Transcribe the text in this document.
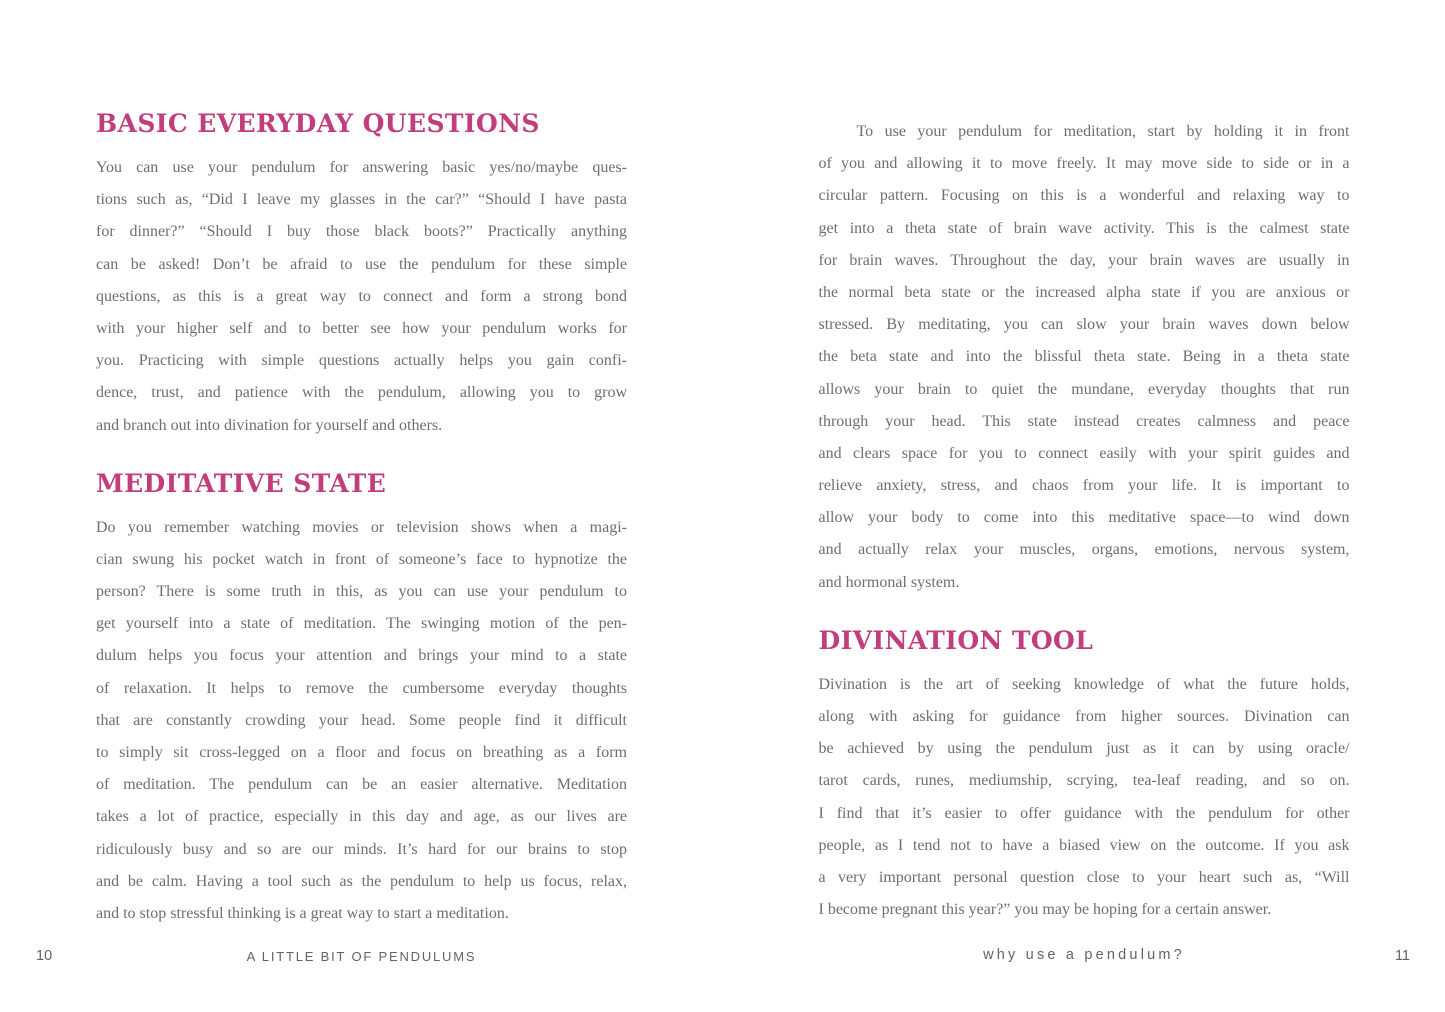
BASIC EVERYDAY QUESTIONS
You can use your pendulum for answering basic yes/no/maybe ques-
tions such as, “Did I leave my glasses in the car?” “Should I have pasta
for dinner?” “Should I buy those black boots?” Practically anything
can be asked! Don’t be afraid to use the pendulum for these simple
questions, as this is a great way to connect and form a strong bond
with your higher self and to better see how your pendulum works for
you. Practicing with simple questions actually helps you gain confi-
dence, trust, and patience with the pendulum, allowing you to grow
and branch out into divination for yourself and others.
MEDITATIVE STATE
Do you remember watching movies or television shows when a magi-
cian swung his pocket watch in front of someone’s face to hypnotize the
person? There is some truth in this, as you can use your pendulum to
get yourself into a state of meditation. The swinging motion of the pen-
dulum helps you focus your attention and brings your mind to a state
of relaxation. It helps to remove the cumbersome everyday thoughts
that are constantly crowding your head. Some people find it difficult
to simply sit cross-legged on a floor and focus on breathing as a form
of meditation. The pendulum can be an easier alternative. Meditation
takes a lot of practice, especially in this day and age, as our lives are
ridiculously busy and so are our minds. It’s hard for our brains to stop
and be calm. Having a tool such as the pendulum to help us focus, relax,
and to stop stressful thinking is a great way to start a meditation.
10	A LITTLE BIT OF PENDULUMS
To use your pendulum for meditation, start by holding it in front
of you and allowing it to move freely. It may move side to side or in a
circular pattern. Focusing on this is a wonderful and relaxing way to
get into a theta state of brain wave activity. This is the calmest state
for brain waves. Throughout the day, your brain waves are usually in
the normal beta state or the increased alpha state if you are anxious or
stressed. By meditating, you can slow your brain waves down below
the beta state and into the blissful theta state. Being in a theta state
allows your brain to quiet the mundane, everyday thoughts that run
through your head. This state instead creates calmness and peace
and clears space for you to connect easily with your spirit guides and
relieve anxiety, stress, and chaos from your life. It is important to
allow your body to come into this meditative space—to wind down
and actually relax your muscles, organs, emotions, nervous system,
and hormonal system.
DIVINATION TOOL
Divination is the art of seeking knowledge of what the future holds,
along with asking for guidance from higher sources. Divination can
be achieved by using the pendulum just as it can by using oracle/
tarot cards, runes, mediumship, scrying, tea-leaf reading, and so on.
I find that it’s easier to offer guidance with the pendulum for other
people, as I tend not to have a biased view on the outcome. If you ask
a very important personal question close to your heart such as, “Will
I become pregnant this year?” you may be hoping for a certain answer.
why use a pendulum?	11
